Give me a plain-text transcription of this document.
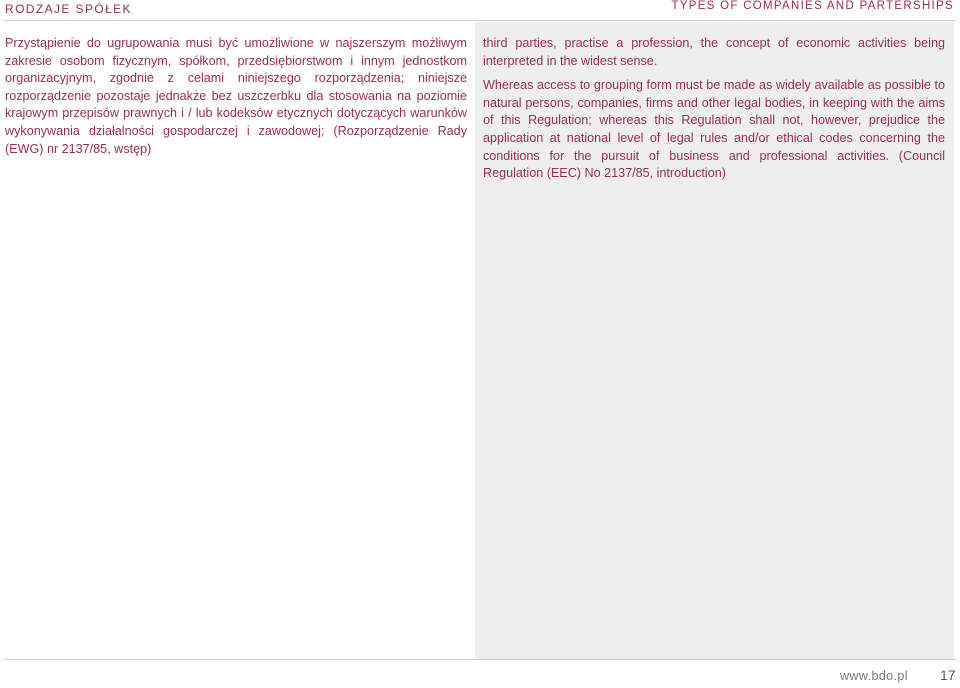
RODZAJE SPÓŁEK	TYPES OF COMPANIES AND PARTERSHIPS

Przystąpienie do ugrupowania musi być umożliwione w najszerszym możliwym zakresie osobom fizycznym, spółkom, przedsiębiorstwom i innym jednostkom organizacyjnym, zgodnie z celami niniejszego rozporządzenia; niniejsze rozporządzenie pozostaje jednakże bez uszczerbku dla stosowania na poziomie krajowym przepisów prawnych i / lub kodeksów etycznych dotyczących warunków wykonywania działalności gospodarczej i zawodowej; (Rozporządzenie Rady (EWG) nr 2137/85, wstęp)

third parties, practise a profession, the concept of economic activities being interpreted in the widest sense.

Whereas access to grouping form must be made as widely available as possible to natural persons, companies, firms and other legal bodies, in keeping with the aims of this Regulation; whereas this Regulation shall not, however, prejudice the application at national level of legal rules and/or ethical codes concerning the conditions for the pursuit of business and professional activities. (Council Regulation (EEC) No 2137/85, introduction)

www.bdo.pl 17
